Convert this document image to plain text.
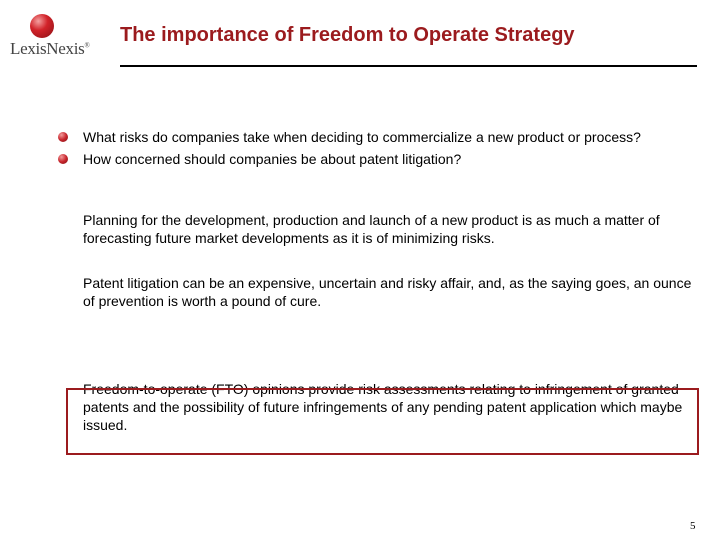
LexisNexis® The importance of Freedom to Operate Strategy

What risks do companies take when deciding to commercialize a new product or process?

How concerned should companies be about patent litigation?

Planning for the development, production and launch of a new product is as much a matter of forecasting future market developments as it is of minimizing risks.

Patent litigation can be an expensive, uncertain and risky affair, and, as the saying goes, an ounce of prevention is worth a pound of cure.

Freedom-to-operate (FTO) opinions provide risk assessments relating to infringement of granted patents and the possibility of future infringements of any pending patent application which maybe issued.

5
